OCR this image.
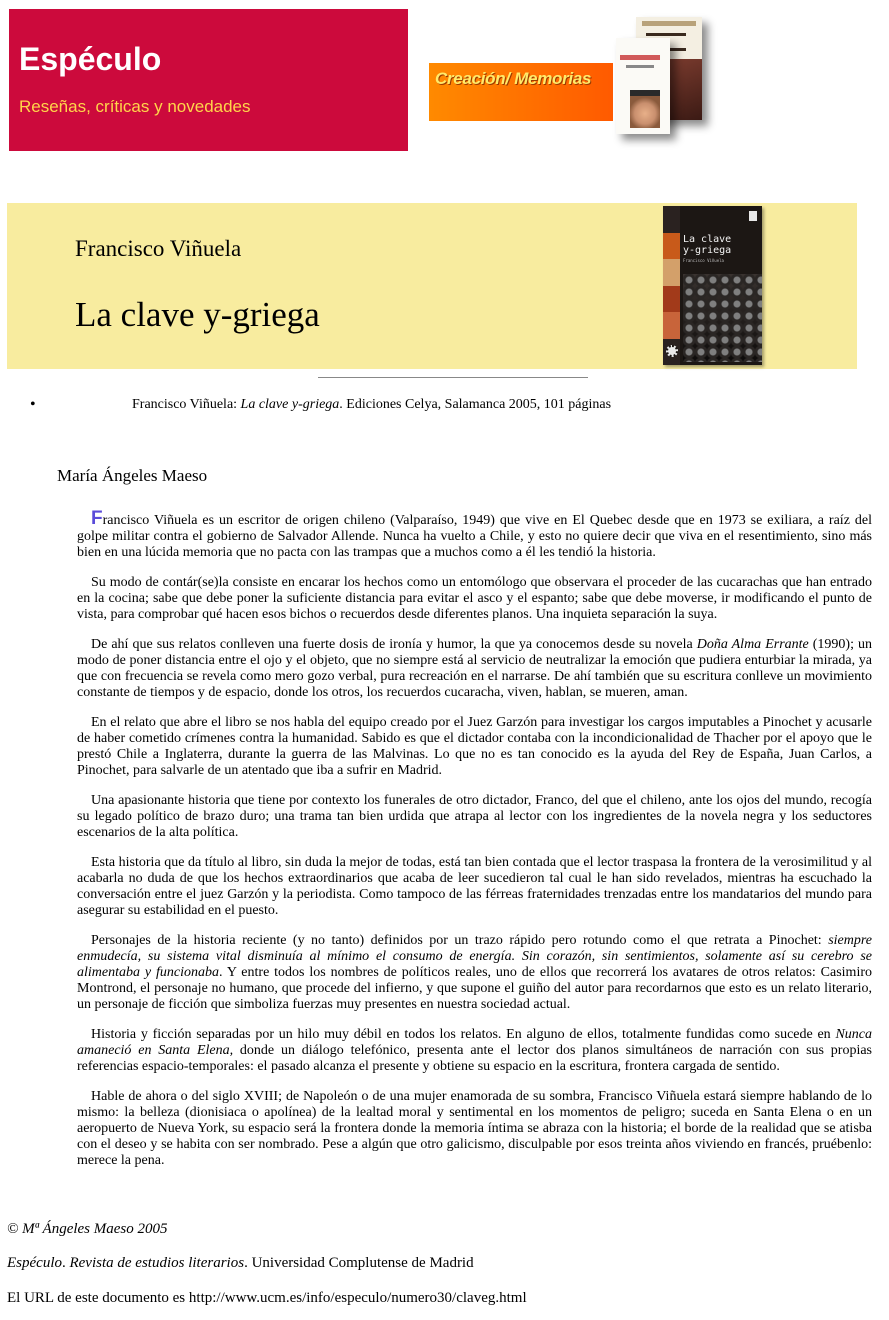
Espéculo
Reseñas, críticas y novedades
Creación/ Memorias
Francisco Viñuela
La clave y-griega
La clave
y-griega
Francisco Viñuela
•	Francisco Viñuela: La clave y-griega. Ediciones Celya, Salamanca 2005, 101 páginas
María Ángeles Maeso

Francisco Viñuela es un escritor de origen chileno (Valparaíso, 1949) que vive en El Quebec desde que en 1973 se exiliara, a raíz del golpe militar contra el gobierno de Salvador Allende. Nunca ha vuelto a Chile, y esto no quiere decir que viva en el resentimiento, sino más bien en una lúcida memoria que no pacta con las trampas que a muchos como a él les tendió la historia.

Su modo de contár(se)la consiste en encarar los hechos como un entomólogo que observara el proceder de las cucarachas que han entrado en la cocina; sabe que debe poner la suficiente distancia para evitar el asco y el espanto; sabe que debe moverse, ir modificando el punto de vista, para comprobar qué hacen esos bichos o recuerdos desde diferentes planos. Una inquieta separación la suya.

De ahí que sus relatos conlleven una fuerte dosis de ironía y humor, la que ya conocemos desde su novela Doña Alma Errante (1990); un modo de poner distancia entre el ojo y el objeto, que no siempre está al servicio de neutralizar la emoción que pudiera enturbiar la mirada, ya que con frecuencia se revela como mero gozo verbal, pura recreación en el narrarse. De ahí también que su escritura conlleve un movimiento constante de tiempos y de espacio, donde los otros, los recuerdos cucaracha, viven, hablan, se mueren, aman.

En el relato que abre el libro se nos habla del equipo creado por el Juez Garzón para investigar los cargos imputables a Pinochet y acusarle de haber cometido crímenes contra la humanidad. Sabido es que el dictador contaba con la incondicionalidad de Thacher por el apoyo que le prestó Chile a Inglaterra, durante la guerra de las Malvinas. Lo que no es tan conocido es la ayuda del Rey de España, Juan Carlos, a Pinochet, para salvarle de un atentado que iba a sufrir en Madrid.

Una apasionante historia que tiene por contexto los funerales de otro dictador, Franco, del que el chileno, ante los ojos del mundo, recogía su legado político de brazo duro; una trama tan bien urdida que atrapa al lector con los ingredientes de la novela negra y los seductores escenarios de la alta política.

Esta historia que da título al libro, sin duda la mejor de todas, está tan bien contada que el lector traspasa la frontera de la verosimilitud y al acabarla no duda de que los hechos extraordinarios que acaba de leer sucedieron tal cual le han sido revelados, mientras ha escuchado la conversación entre el juez Garzón y la periodista. Como tampoco de las férreas fraternidades trenzadas entre los mandatarios del mundo para asegurar su estabilidad en el puesto.

Personajes de la historia reciente (y no tanto) definidos por un trazo rápido pero rotundo como el que retrata a Pinochet: siempre enmudecía, su sistema vital disminuía al mínimo el consumo de energía. Sin corazón, sin sentimientos, solamente así su cerebro se alimentaba y funcionaba. Y entre todos los nombres de políticos reales, uno de ellos que recorrerá los avatares de otros relatos: Casimiro Montrond, el personaje no humano, que procede del infierno, y que supone el guiño del autor para recordarnos que esto es un relato literario, un personaje de ficción que simboliza fuerzas muy presentes en nuestra sociedad actual.

Historia y ficción separadas por un hilo muy débil en todos los relatos. En alguno de ellos, totalmente fundidas como sucede en Nunca amaneció en Santa Elena, donde un diálogo telefónico, presenta ante el lector dos planos simultáneos de narración con sus propias referencias espacio-temporales: el pasado alcanza el presente y obtiene su espacio en la escritura, frontera cargada de sentido.

Hable de ahora o del siglo XVIII; de Napoleón o de una mujer enamorada de su sombra, Francisco Viñuela estará siempre hablando de lo mismo: la belleza (dionisiaca o apolínea) de la lealtad moral y sentimental en los momentos de peligro; suceda en Santa Elena o en un aeropuerto de Nueva York, su espacio será la frontera donde la memoria íntima se abraza con la historia; el borde de la realidad que se atisba con el deseo y se habita con ser nombrado. Pese a algún que otro galicismo, disculpable por esos treinta años viviendo en francés, pruébenlo: merece la pena.

© Mª Ángeles Maeso 2005
Espéculo. Revista de estudios literarios. Universidad Complutense de Madrid
El URL de este documento es http://www.ucm.es/info/especulo/numero30/claveg.html
